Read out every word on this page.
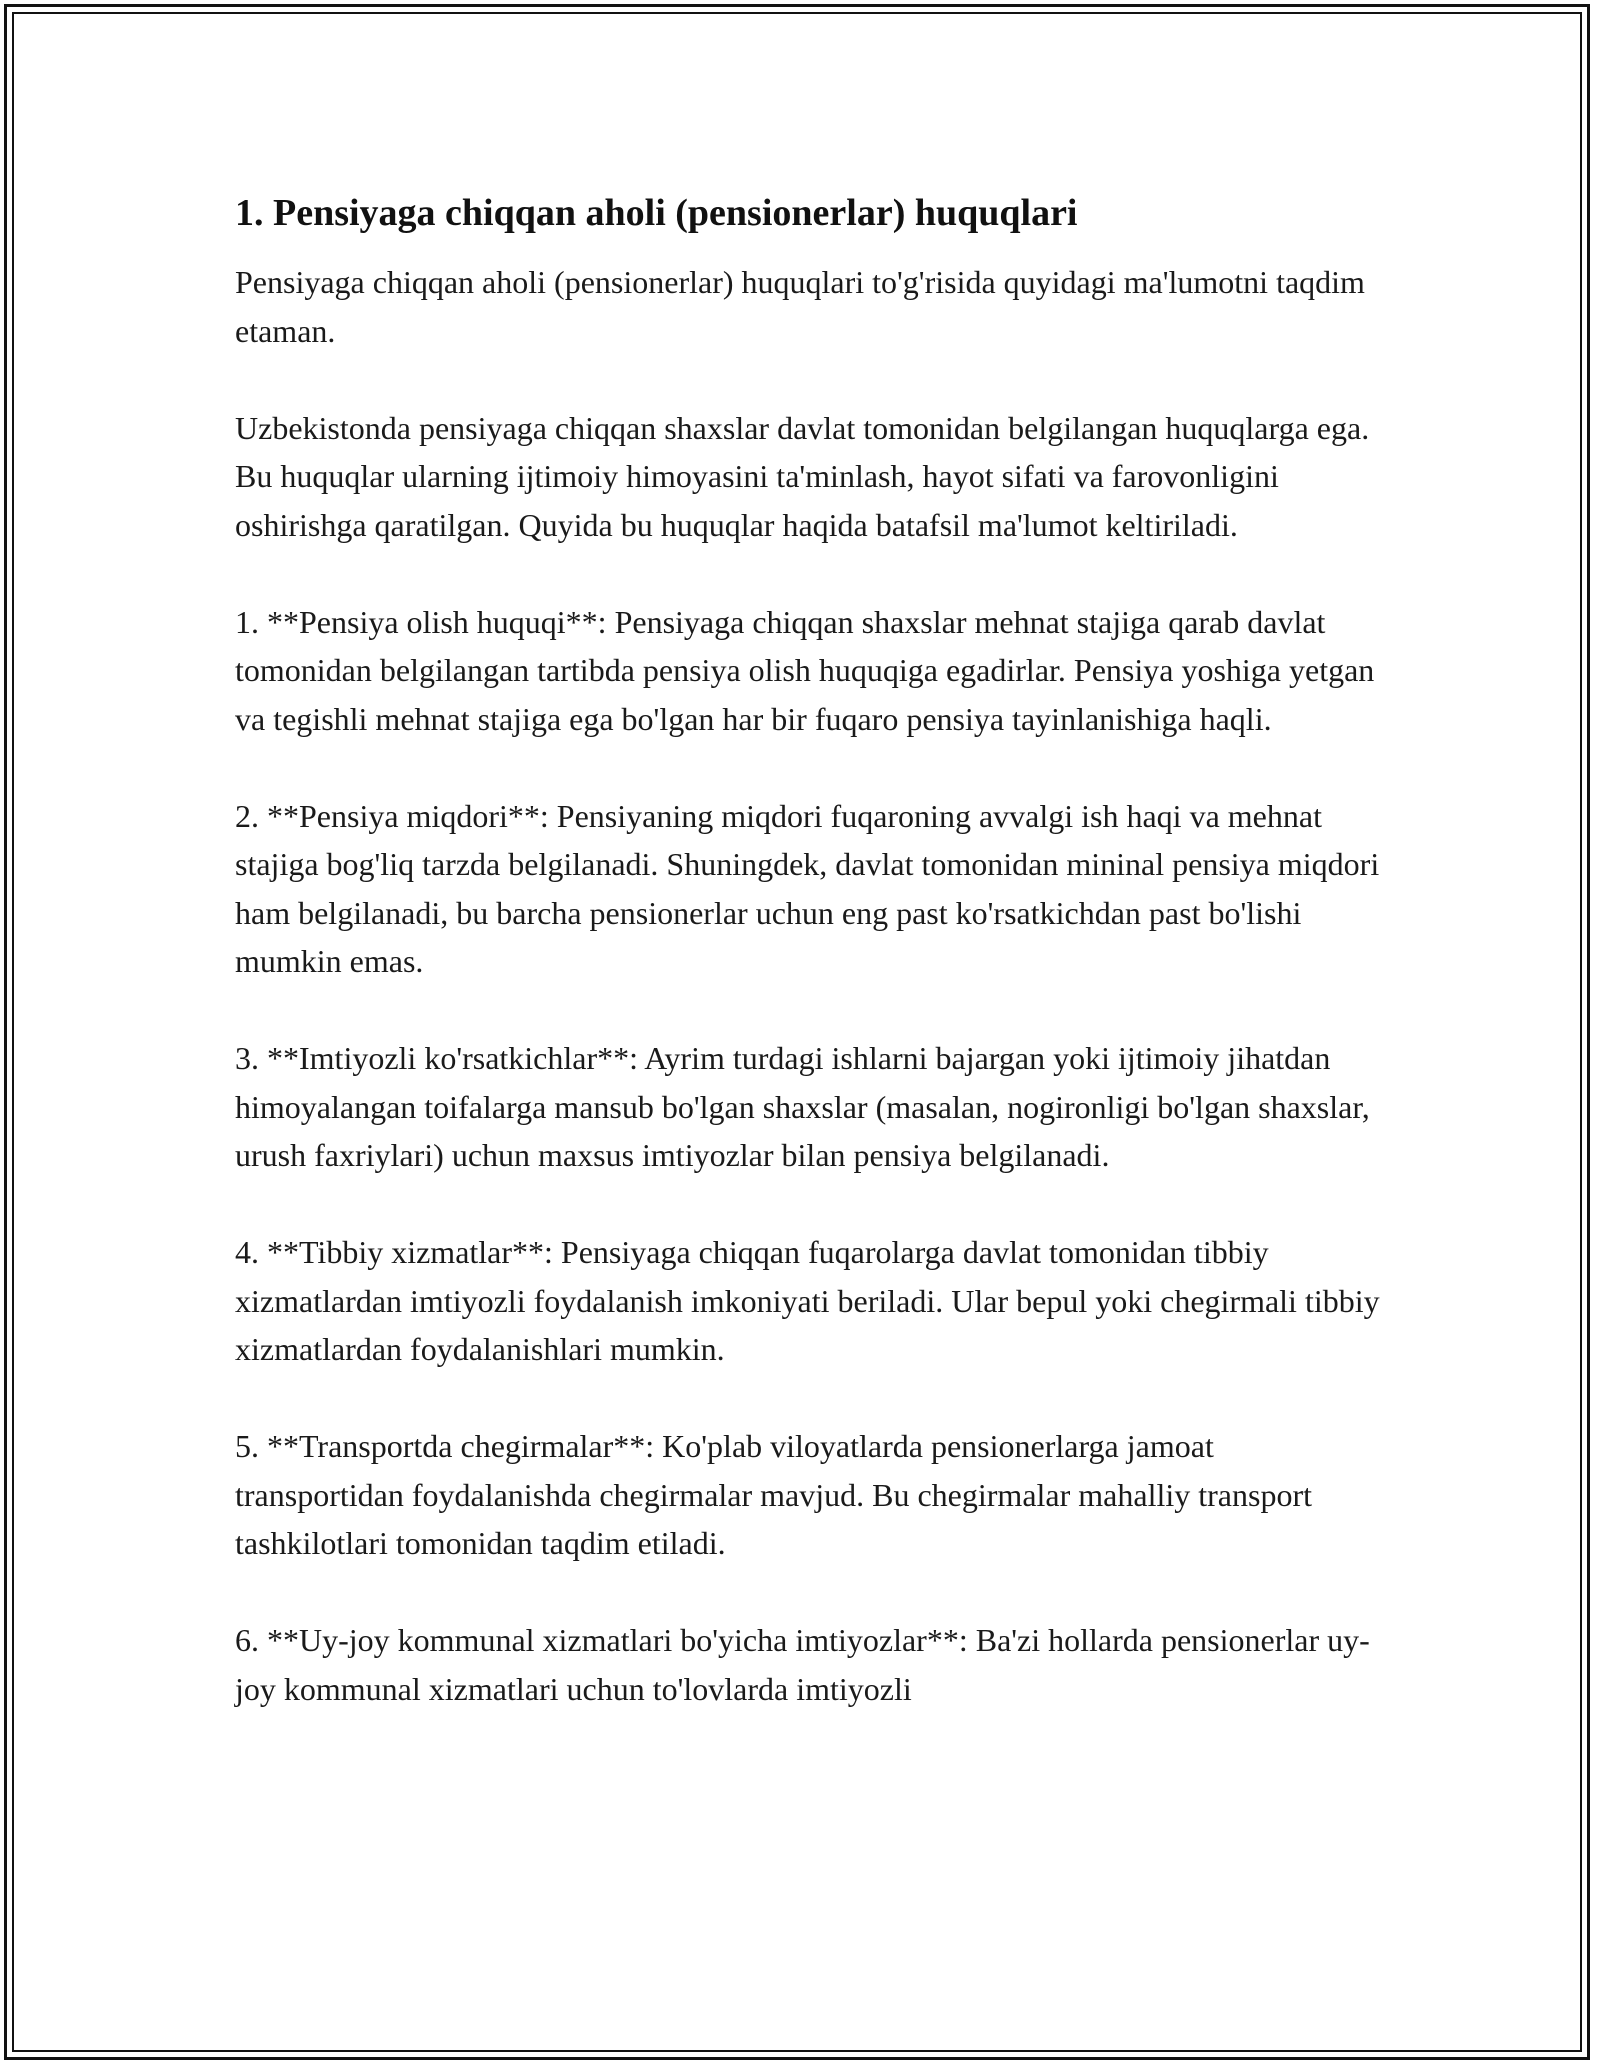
1. Pensiyaga chiqqan aholi (pensionerlar) huquqlari

Pensiyaga chiqqan aholi (pensionerlar) huquqlari to'g'risida quyidagi ma'lumotni taqdim etaman.

Uzbekistonda pensiyaga chiqqan shaxslar davlat tomonidan belgilangan huquqlarga ega. Bu huquqlar ularning ijtimoiy himoyasini ta'minlash, hayot sifati va farovonligini oshirishga qaratilgan. Quyida bu huquqlar haqida batafsil ma'lumot keltiriladi.

1. **Pensiya olish huquqi**: Pensiyaga chiqqan shaxslar mehnat stajiga qarab davlat tomonidan belgilangan tartibda pensiya olish huquqiga egadirlar. Pensiya yoshiga yetgan va tegishli mehnat stajiga ega bo'lgan har bir fuqaro pensiya tayinlanishiga haqli.

2. **Pensiya miqdori**: Pensiyaning miqdori fuqaroning avvalgi ish haqi va mehnat stajiga bog'liq tarzda belgilanadi. Shuningdek, davlat tomonidan mininal pensiya miqdori ham belgilanadi, bu barcha pensionerlar uchun eng past ko'rsatkichdan past bo'lishi mumkin emas.

3. **Imtiyozli ko'rsatkichlar**: Ayrim turdagi ishlarni bajargan yoki ijtimoiy jihatdan himoyalangan toifalarga mansub bo'lgan shaxslar (masalan, nogironligi bo'lgan shaxslar, urush faxriylari) uchun maxsus imtiyozlar bilan pensiya belgilanadi.

4. **Tibbiy xizmatlar**: Pensiyaga chiqqan fuqarolarga davlat tomonidan tibbiy xizmatlardan imtiyozli foydalanish imkoniyati beriladi. Ular bepul yoki chegirmali tibbiy xizmatlardan foydalanishlari mumkin.

5. **Transportda chegirmalar**: Ko'plab viloyatlarda pensionerlarga jamoat transportidan foydalanishda chegirmalar mavjud. Bu chegirmalar mahalliy transport tashkilotlari tomonidan taqdim etiladi.

6. **Uy-joy kommunal xizmatlari bo'yicha imtiyozlar**: Ba'zi hollarda pensionerlar uy-joy kommunal xizmatlari uchun to'lovlarda imtiyozli
